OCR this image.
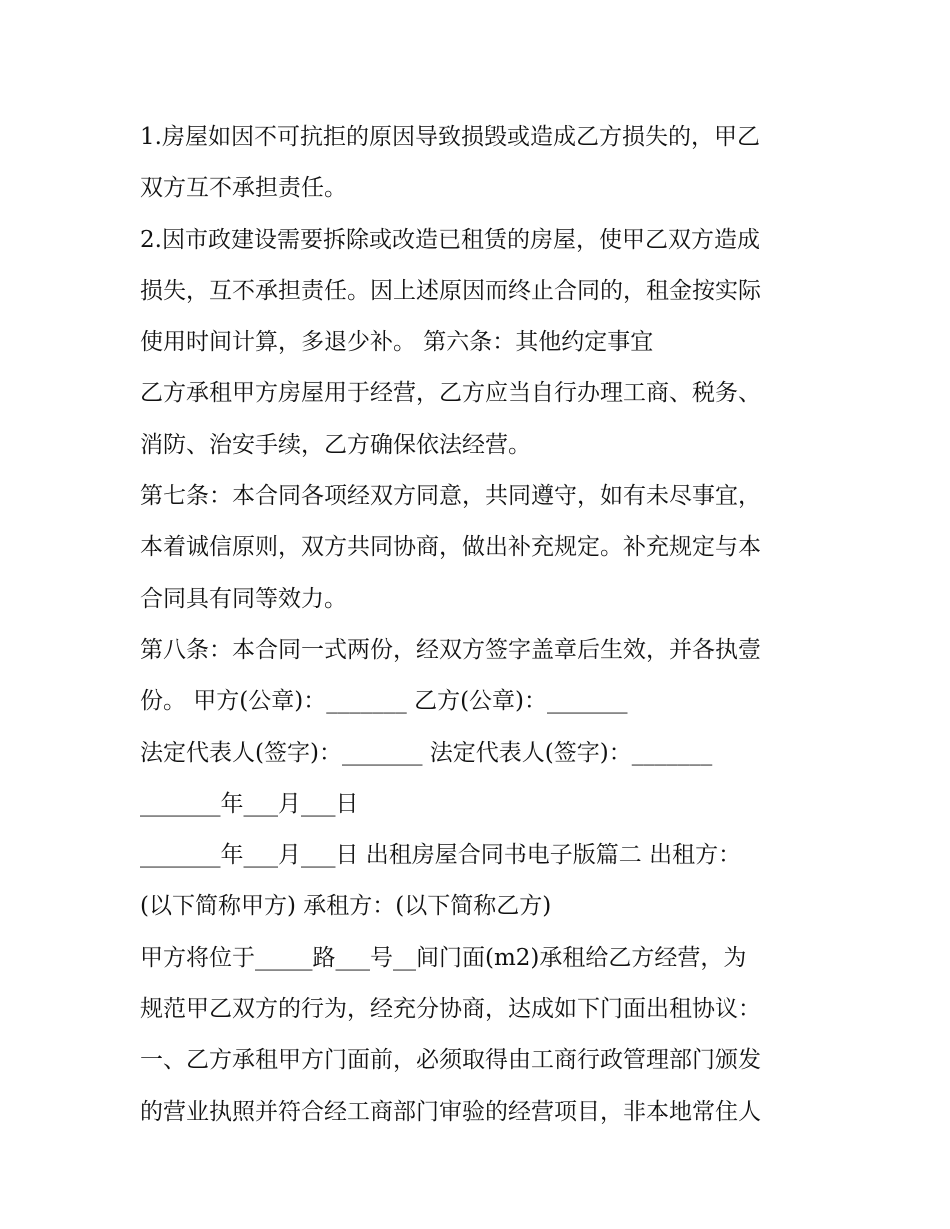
1.房屋如因不可抗拒的原因导致损毁或造成乙方损失的，甲乙
双方互不承担责任。
2.因市政建设需要拆除或改造已租赁的房屋，使甲乙双方造成
损失，互不承担责任。因上述原因而终止合同的，租金按实际
使用时间计算，多退少补。 第六条：其他约定事宜
乙方承租甲方房屋用于经营，乙方应当自行办理工商、税务、
消防、治安手续，乙方确保依法经营。
第七条：本合同各项经双方同意，共同遵守，如有未尽事宜，
本着诚信原则，双方共同协商，做出补充规定。补充规定与本
合同具有同等效力。
第八条：本合同一式两份，经双方签字盖章后生效，并各执壹
份。 甲方(公章)：_______ 乙方(公章)：_______
法定代表人(签字)：_______ 法定代表人(签字)：_______
_______年___月___日
_______年___月___日 出租房屋合同书电子版篇二 出租方：
(以下简称甲方) 承租方：(以下简称乙方)
甲方将位于_____路___号__间门面(m2)承租给乙方经营，为
规范甲乙双方的行为，经充分协商，达成如下门面出租协议：
一、乙方承租甲方门面前，必须取得由工商行政管理部门颁发
的营业执照并符合经工商部门审验的经营项目，非本地常住人
